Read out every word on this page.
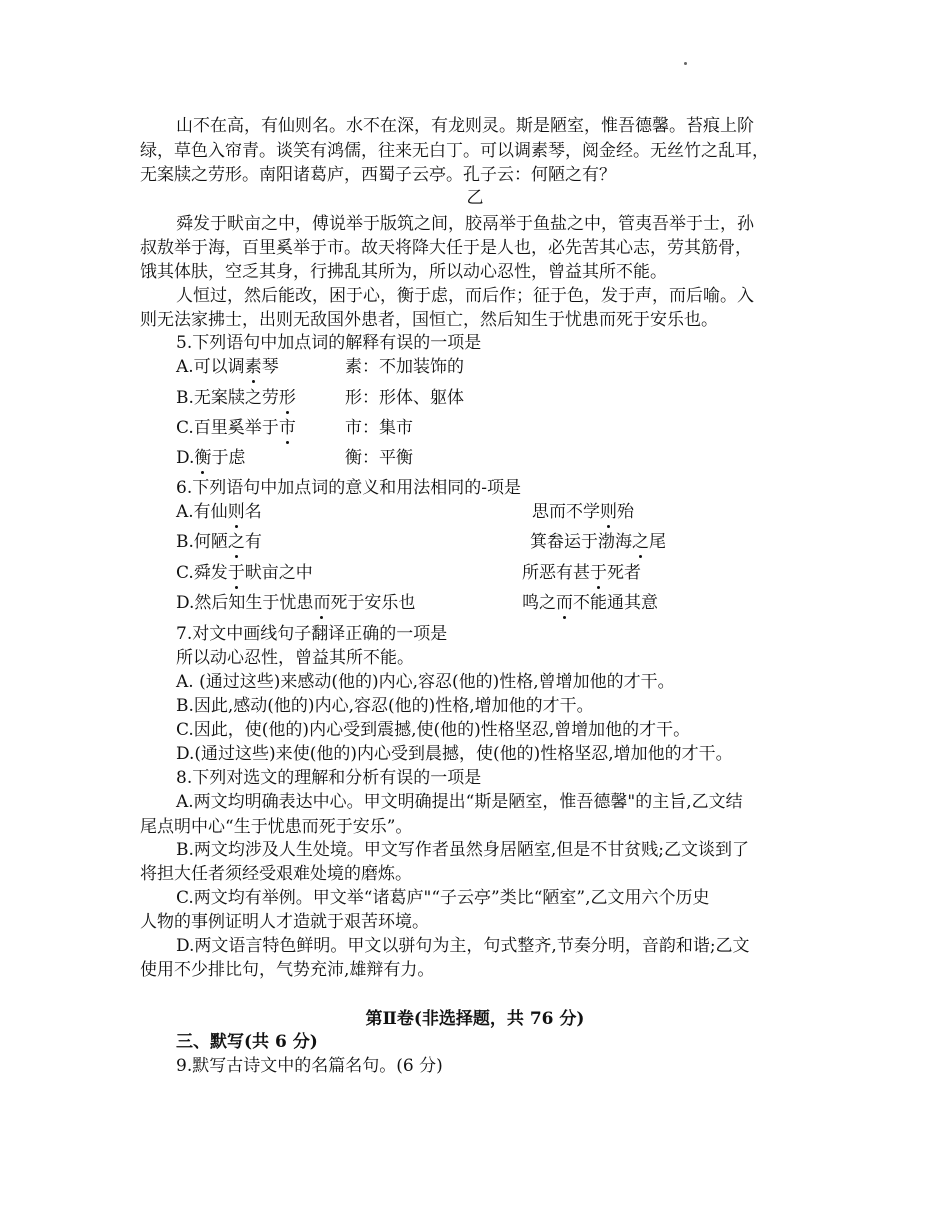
山不在高，有仙则名。水不在深，有龙则灵。斯是陋室，惟吾德馨。苔痕上阶
绿，草色入帘青。谈笑有鸿儒，往来无白丁。可以调素琴，阅金经。无丝竹之乱耳，
无案牍之劳形。南阳诸葛庐，西蜀子云亭。孔子云：何陋之有？
乙
舜发于畎亩之中，傅说举于版筑之间，胶鬲举于鱼盐之中，管夷吾举于士，孙
叔敖举于海，百里奚举于市。故天将降大任于是人也，必先苦其心志，劳其筋骨，
饿其体肤，空乏其身，行拂乱其所为，所以动心忍性，曾益其所不能。
人恒过，然后能改，困于心，衡于虑，而后作；征于色，发于声，而后喻。入
则无法家拂士，出则无敌国外患者，国恒亡，然后知生于忧患而死于安乐也。
5.下列语句中加点词的解释有误的一项是
A.可以调素琴	素：不加装饰的
B.无案牍之劳形	形：形体、躯体
C.百里奚举于市	市：集市
D.衡于虑	衡：平衡
6.下列语句中加点词的意义和用法相同的-项是
A.有仙则名	思而不学则殆
B.何陋之有	箕畚运于渤海之尾
C.舜发于畎亩之中	所恶有甚于死者
D.然后知生于忧患而死于安乐也	鸣之而不能通其意
7.对文中画线句子翻译正确的一项是
所以动心忍性，曾益其所不能。
A. (通过这些)来感动(他的)内心,容忍(他的)性格,曾增加他的才干。
B.因此,感动(他的)内心,容忍(他的)性格,增加他的才干。
C.因此，使(他的)内心受到震撼,使(他的)性格坚忍,曾增加他的才干。
D.(通过这些)来使(他的)内心受到晨撼，使(他的)性格坚忍,增加他的才干。
8.下列对选文的理解和分析有误的一项是
A.两文均明确表达中心。甲文明确提出“斯是陋室，惟吾德馨"的主旨,乙文结
尾点明中心“生于忧患而死于安乐”。
B.两文均涉及人生处境。甲文写作者虽然身居陋室,但是不甘贫贱;乙文谈到了
将担大任者须经受艰难处境的磨炼。
C.两文均有举例。甲文举“诸葛庐"“子云亭”类比“陋室”,乙文用六个历史
人物的事例证明人才造就于艰苦环境。
D.两文语言特色鲜明。甲文以骈句为主，句式整齐,节奏分明，音韵和谐;乙文
使用不少排比句，气势充沛,雄辩有力。
第Ⅱ卷(非选择题，共 76 分)
三、默写(共 6 分)
9.默写古诗文中的名篇名句。(6 分)
